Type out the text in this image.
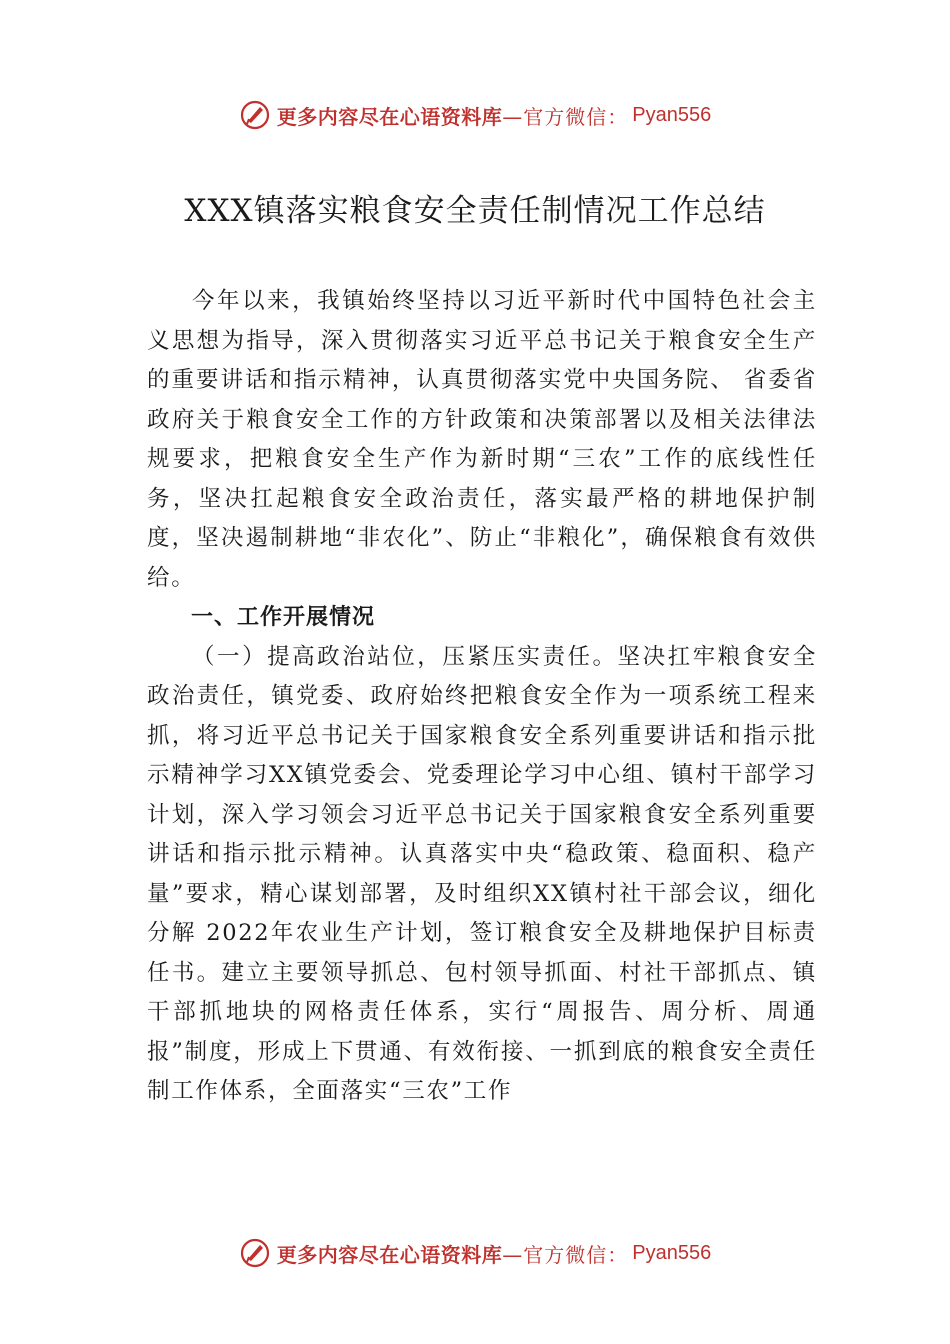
更多内容尽在心语资料库 —官方微信： Pyan556
XXX镇落实粮食安全责任制情况工作总结

今年以来，我镇始终坚持以习近平新时代中国特色社会主义思想为指导，深入贯彻落实习近平总书记关于粮食安全生产的重要讲话和指示精神，认真贯彻落实党中央国务院、 省委省政府关于粮食安全工作的方针政策和决策部署以及相关法律法规要求，把粮食安全生产作为新时期“三农”工作的底线性任务，坚决扛起粮食安全政治责任，落实最严格的耕地保护制度，坚决遏制耕地“非农化”、防止“非粮化”，确保粮食有效供给。

一、工作开展情况

（一）提高政治站位，压紧压实责任。坚决扛牢粮食安全政治责任，镇党委、政府始终把粮食安全作为一项系统工程来抓，将习近平总书记关于国家粮食安全系列重要讲话和指示批示精神学习XX镇党委会、党委理论学习中心组、镇村干部学习计划，深入学习领会习近平总书记关于国家粮食安全系列重要讲话和指示批示精神。认真落实中央“稳政策、稳面积、稳产量”要求，精心谋划部署，及时组织XX镇村社干部会议，细化分解 2022年农业生产计划，签订粮食安全及耕地保护目标责任书。建立主要领导抓总、包村领导抓面、村社干部抓点、镇干部抓地块的网格责任体系，实行“周报告、周分析、周通报”制度，形成上下贯通、有效衔接、一抓到底的粮食安全责任制工作体系，全面落实“三农”工作

更多内容尽在心语资料库 —官方微信： Pyan556
